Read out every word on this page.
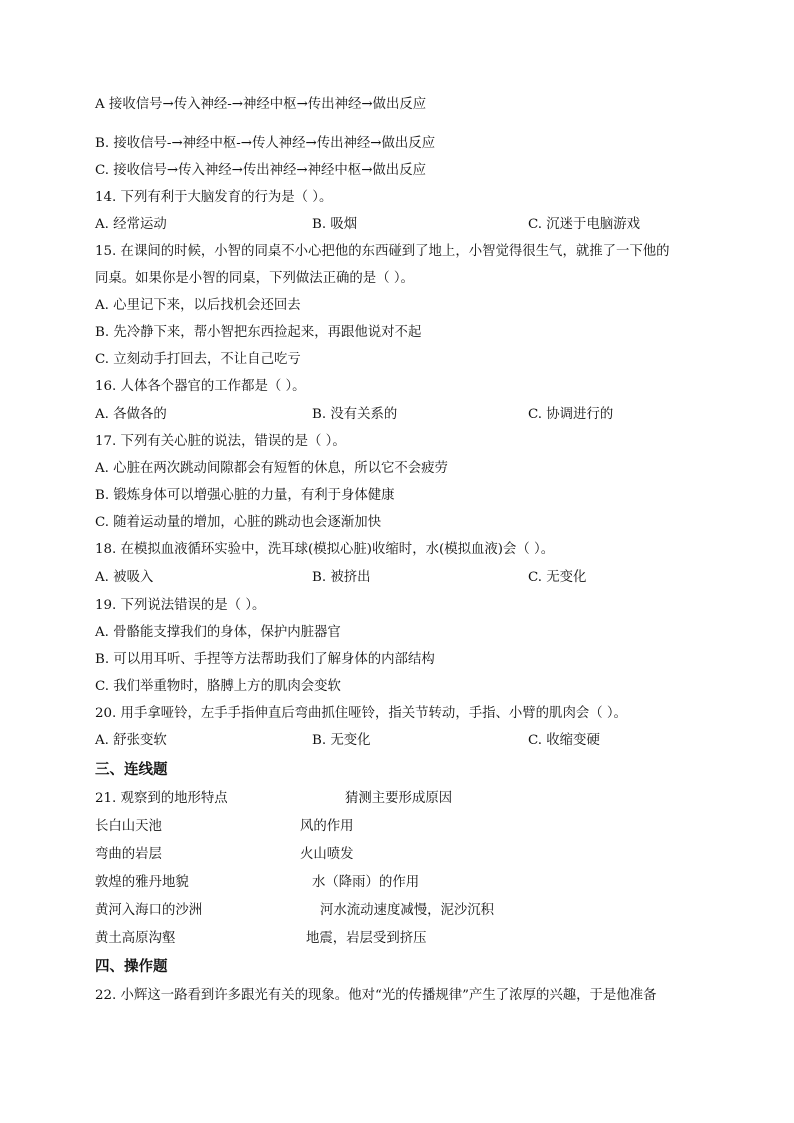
A 接收信号→传入神经-→神经中枢→传出神经→做出反应
B. 接收信号-→神经中枢-→传人神经→传出神经→做出反应
C. 接收信号→传入神经→传出神经→神经中枢→做出反应
14. 下列有利于大脑发育的行为是（ ）。
A. 经常运动	B. 吸烟	C. 沉迷于电脑游戏
15. 在课间的时候，小智的同桌不小心把他的东西碰到了地上，小智觉得很生气，就推了一下他的
同桌。如果你是小智的同桌，下列做法正确的是（ ）。
A. 心里记下来，以后找机会还回去
B. 先冷静下来，帮小智把东西捡起来，再跟他说对不起
C. 立刻动手打回去，不让自己吃亏
16. 人体各个器官的工作都是（ ）。
A. 各做各的	B. 没有关系的	C. 协调进行的
17. 下列有关心脏的说法，错误的是（ ）。
A. 心脏在两次跳动间隙都会有短暂的休息，所以它不会疲劳
B. 锻炼身体可以增强心脏的力量，有利于身体健康
C. 随着运动量的增加，心脏的跳动也会逐渐加快
18. 在模拟血液循环实验中，洗耳球(模拟心脏)收缩时，水(模拟血液)会（ ）。
A. 被吸入	B. 被挤出	C. 无变化
19. 下列说法错误的是（ ）。
A. 骨骼能支撑我们的身体，保护内脏器官
B. 可以用耳听、手捏等方法帮助我们了解身体的内部结构
C. 我们举重物时，胳膊上方的肌肉会变软
20. 用手拿哑铃，左手手指伸直后弯曲抓住哑铃，指关节转动，手指、小臂的肌肉会（ ）。
A. 舒张变软	B. 无变化	C. 收缩变硬
三、连线题
21. 观察到的地形特点	猜测主要形成原因
长白山天池	风的作用
弯曲的岩层	火山喷发
敦煌的雅丹地貌	水（降雨）的作用
黄河入海口的沙洲	河水流动速度减慢，泥沙沉积
黄土高原沟壑	地震，岩层受到挤压
四、操作题
22. 小辉这一路看到许多跟光有关的现象。他对“光的传播规律”产生了浓厚的兴趣，于是他准备
